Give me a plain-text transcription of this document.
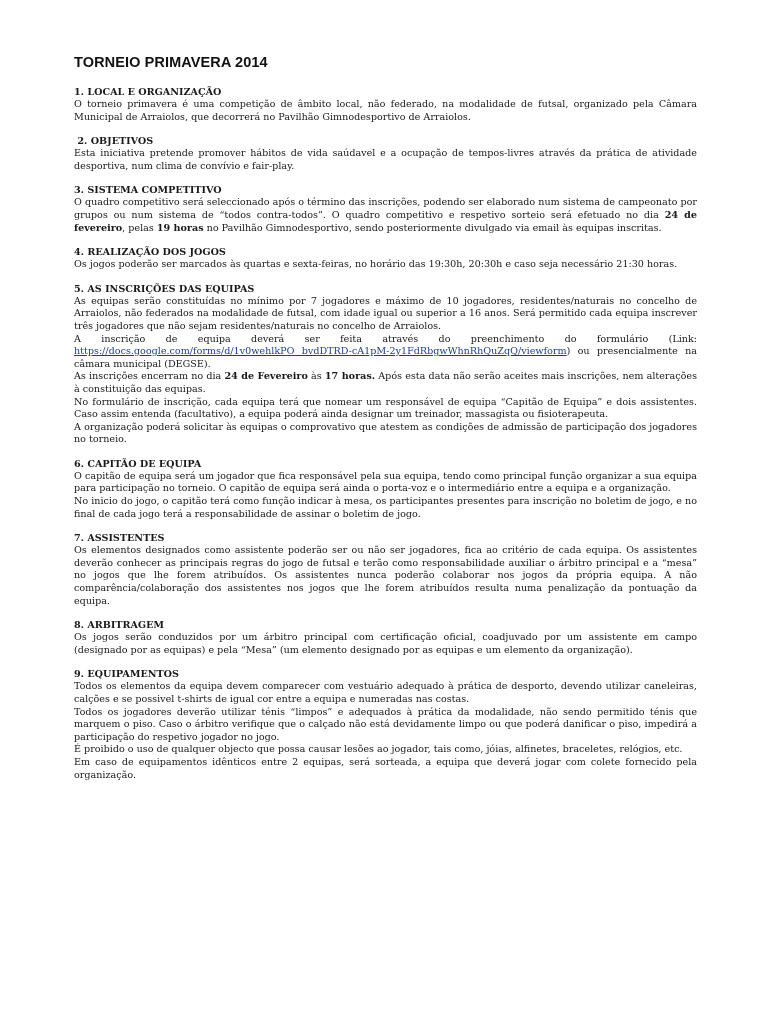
TORNEIO PRIMAVERA 2014

1. LOCAL E ORGANIZAÇÃO

O torneio primavera é uma competição de âmbito local, não federado, na modalidade de futsal, organizado pela Câmara Municipal de Arraiolos, que decorrerá no Pavilhão Gimnodesportivo de Arraiolos.

2. OBJETIVOS

Esta iniciativa pretende promover hábitos de vida saúdavel e a ocupação de tempos-livres através da prática de atividade desportiva, num clima de convívio e fair-play.

3. SISTEMA COMPETITIVO

O quadro competitivo será seleccionado após o término das inscrições, podendo ser elaborado num sistema de campeonato por grupos ou num sistema de “todos contra-todos”. O quadro competitivo e respetivo sorteio será efetuado no dia 24 de fevereiro, pelas 19 horas no Pavilhão Gimnodesportivo, sendo posteriormente divulgado via email às equipas inscritas.

4. REALIZAÇÃO DOS JOGOS

Os jogos poderão ser marcados às quartas e sexta-feiras, no horário das 19:30h, 20:30h e caso seja necessário 21:30 horas.

5. AS INSCRIÇÕES DAS EQUIPAS

As equipas serão constituídas no mínimo por 7 jogadores e máximo de 10 jogadores, residentes/naturais no concelho de Arraiolos, não federados na modalidade de futsal, com idade igual ou superior a 16 anos. Será permitido cada equipa inscrever três jogadores que não sejam residentes/naturais no concelho de Arraiolos.

A inscrição de equipa deverá ser feita através do preenchimento do formulário (Link: https://docs.google.com/forms/d/1v0wehlkPO bvdDTRD-cA1pM-2y1FdRbgwWhnRhQuZqQ/viewform) ou presencialmente na câmara municipal (DEGSE).

As inscrições encerram no dia 24 de Fevereiro às 17 horas. Após esta data não serão aceites mais inscrições, nem alterações à constituição das equipas.

No formulário de inscrição, cada equipa terá que nomear um responsável de equipa “Capitão de Equipa” e dois assistentes. Caso assim entenda (facultativo), a equipa poderá ainda designar um treinador, massagista ou fisioterapeuta.

A organização poderá solicitar às equipas o comprovativo que atestem as condições de admissão de participação dos jogadores no torneio.

6. CAPITÃO DE EQUIPA

O capitão de equipa será um jogador que fica responsável pela sua equipa, tendo como principal função organizar a sua equipa para participação no torneio. O capitão de equipa será ainda o porta-voz e o intermediário entre a equipa e a organização.

No inicio do jogo, o capitão terá como função indicar à mesa, os participantes presentes para inscrição no boletim de jogo, e no final de cada jogo terá a responsabilidade de assinar o boletim de jogo.

7. ASSISTENTES

Os elementos designados como assistente poderão ser ou não ser jogadores, fica ao critério de cada equipa. Os assistentes deverão conhecer as principais regras do jogo de futsal e terão como responsabilidade auxiliar o árbitro principal e a “mesa” no jogos que lhe forem atribuídos. Os assistentes nunca poderão colaborar nos jogos da própria equipa. A não comparência/colaboração dos assistentes nos jogos que lhe forem atribuídos resulta numa penalização da pontuação da equipa.

8. ARBITRAGEM

Os jogos serão conduzidos por um árbitro principal com certificação oficial, coadjuvado por um assistente em campo (designado por as equipas) e pela “Mesa” (um elemento designado por as equipas e um elemento da organização).

9. EQUIPAMENTOS

Todos os elementos da equipa devem comparecer com vestuário adequado à prática de desporto, devendo utilizar caneleiras, calções e se possivel t-shirts de igual cor entre a equipa e numeradas nas costas.

Todos os jogadores deverão utilizar ténis “limpos” e adequados à prática da modalidade, não sendo permitido ténis que marquem o piso. Caso o árbitro verifique que o calçado não está devidamente limpo ou que poderá danificar o piso, impedirá a participação do respetivo jogador no jogo.

É proibido o uso de qualquer objecto que possa causar lesões ao jogador, tais como, jóias, alfinetes, braceletes, relógios, etc.

Em caso de equipamentos idênticos entre 2 equipas, será sorteada, a equipa que deverá jogar com colete fornecido pela organização.
